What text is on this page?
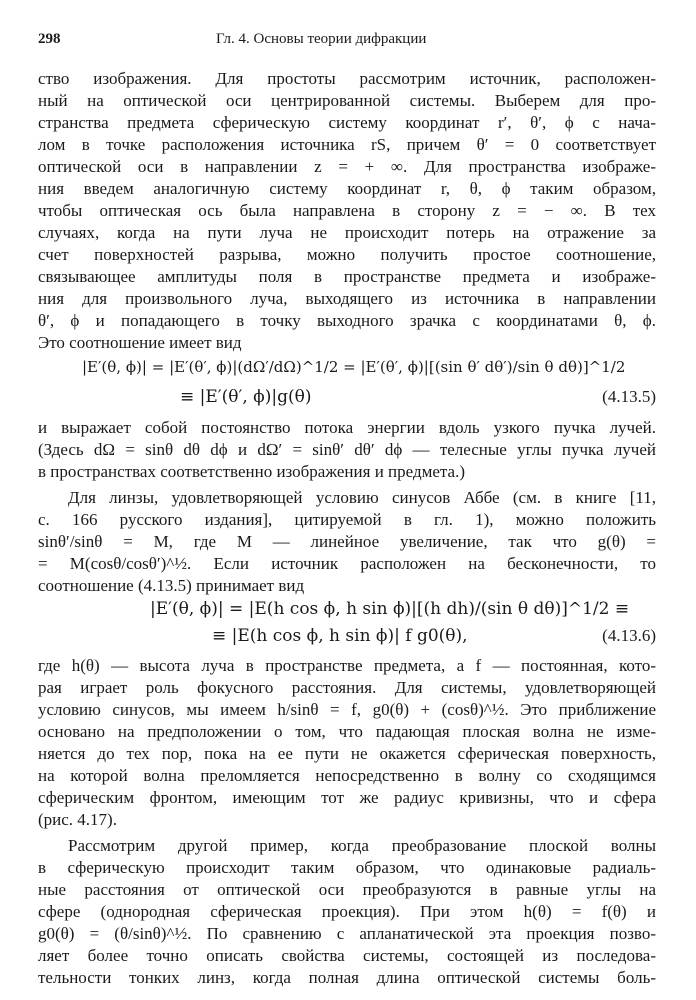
298	Гл. 4. Основы теории дифракции
ство изображения. Для простоты рассмотрим источник, расположен-
ный на оптической оси центрированной системы. Выберем для про-
странства предмета сферическую систему координат r′, θ′, ϕ с нача-
лом в точке расположения источника rS, причем θ′ = 0 соответствует
оптической оси в направлении z = + ∞. Для пространства изображе-
ния введем аналогичную систему координат r, θ, ϕ таким образом,
чтобы оптическая ось была направлена в сторону z = − ∞. В тех
случаях, когда на пути луча не происходит потерь на отражение за
счет поверхностей разрыва, можно получить простое соотношение,
связывающее амплитуды поля в пространстве предмета и изображе-
ния для произвольного луча, выходящего из источника в направлении
θ′, ϕ и попадающего в точку выходного зрачка с координатами θ, ϕ.
Это соотношение имеет вид
|E′(θ, ϕ)| = |E′(θ′, ϕ)|(dΩ′/dΩ)^1/2 = |E′(θ′, ϕ)|[(sin θ′ dθ′)/sin θ dθ)]^1/2
≡ |E′(θ′, ϕ)|g(θ)	(4.13.5)
и выражает собой постоянство потока энергии вдоль узкого пучка лучей.
(Здесь dΩ = sinθ dθ dϕ и dΩ′ = sinθ′ dθ′ dϕ — телесные углы пучка лучей
в пространствах соответственно изображения и предмета.)
Для линзы, удовлетворяющей условию синусов Аббе (см. в книге [11,
с. 166 русского издания], цитируемой в гл. 1), можно положить
sinθ′/sinθ = M, где M — линейное увеличение, так что g(θ) =
= M(cosθ/cosθ′)^½. Если источник расположен на бесконечности, то
соотношение (4.13.5) принимает вид
|E′(θ, ϕ)| = |E(h cos ϕ, h sin ϕ)|[(h dh)/(sin θ dθ)]^1/2 ≡
≡ |E(h cos ϕ, h sin ϕ)| f g0(θ),	(4.13.6)
где h(θ) — высота луча в пространстве предмета, а f — постоянная, кото-
рая играет роль фокусного расстояния. Для системы, удовлетворяющей
условию синусов, мы имеем h/sinθ = f, g0(θ) + (cosθ)^½. Это приближение
основано на предположении о том, что падающая плоская волна не изме-
няется до тех пор, пока на ее пути не окажется сферическая поверхность,
на которой волна преломляется непосредственно в волну со сходящимся
сферическим фронтом, имеющим тот же радиус кривизны, что и сфера
(рис. 4.17).
Рассмотрим другой пример, когда преобразование плоской волны
в сферическую происходит таким образом, что одинаковые радиаль-
ные расстояния от оптической оси преобразуются в равные углы на
сфере (однородная сферическая проекция). При этом h(θ) = f(θ) и
g0(θ) = (θ/sinθ)^½. По сравнению с апланатической эта проекция позво-
ляет более точно описать свойства системы, состоящей из последова-
тельности тонких линз, когда полная длина оптической системы боль-
